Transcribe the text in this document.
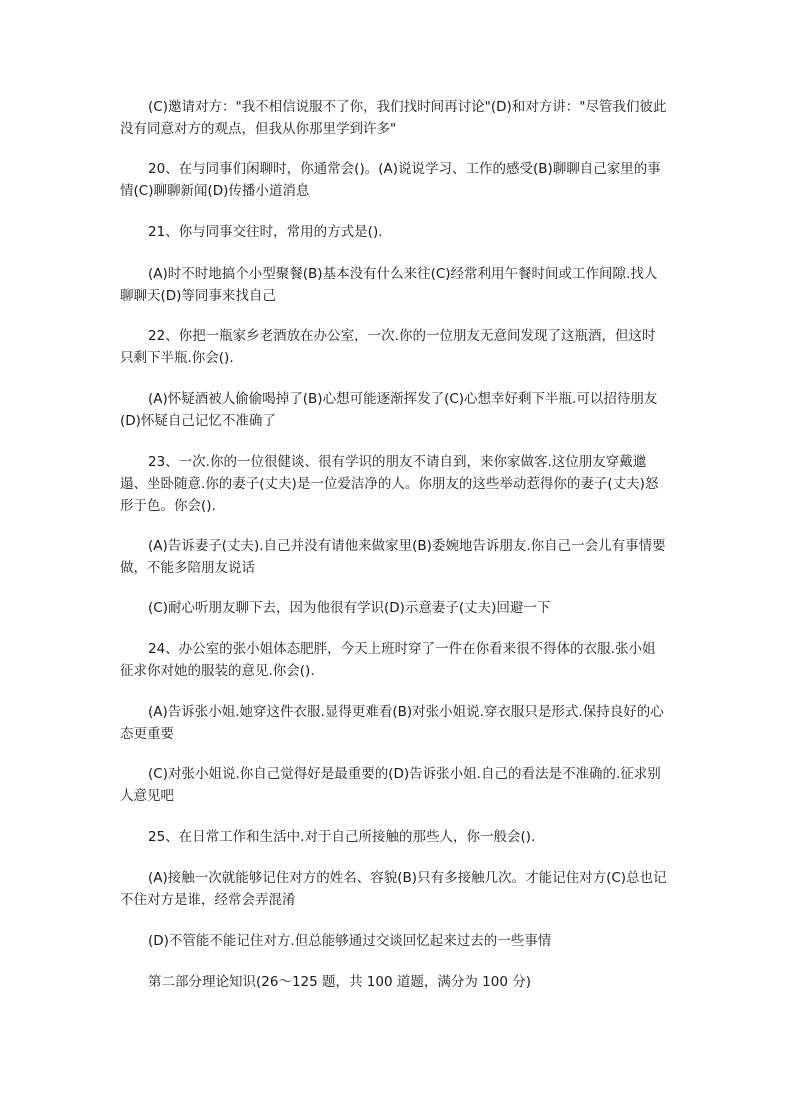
(C)邀请对方："我不相信说服不了你，我们找时间再讨论"(D)和对方讲："尽管我们彼此没有同意对方的观点，但我从你那里学到许多"

20、在与同事们闲聊时，你通常会()。(A)说说学习、工作的感受(B)聊聊自己家里的事情(C)聊聊新闻(D)传播小道消息

21、你与同事交往时，常用的方式是().

(A)时不时地搞个小型聚餐(B)基本没有什么来往(C)经常利用午餐时间或工作间隙.找人聊聊天(D)等同事来找自己

22、你把一瓶家乡老酒放在办公室，一次.你的一位朋友无意间发现了这瓶酒，但这时只剩下半瓶.你会().

(A)怀疑酒被人偷偷喝掉了(B)心想可能逐渐挥发了(C)心想幸好剩下半瓶.可以招待朋友(D)怀疑自己记忆不准确了

23、一次.你的一位很健谈、很有学识的朋友不请自到，来你家做客.这位朋友穿戴邋遢、坐卧随意.你的妻子(丈夫)是一位爱洁净的人。你朋友的这些举动惹得你的妻子(丈夫)怒形于色。你会().

(A)告诉妻子(丈夫).自己并没有请他来做家里(B)委婉地告诉朋友.你自己一会儿有事情要做，不能多陪朋友说话

(C)耐心听朋友聊下去，因为他很有学识(D)示意妻子(丈夫)回避一下

24、办公室的张小姐体态肥胖，今天上班时穿了一件在你看来很不得体的衣服.张小姐征求你对她的服装的意见.你会().

(A)告诉张小姐.她穿这件衣服.显得更难看(B)对张小姐说.穿衣服只是形式.保持良好的心态更重要

(C)对张小姐说.你自己觉得好是最重要的(D)告诉张小姐.自己的看法是不准确的.征求别人意见吧

25、在日常工作和生活中.对于自己所接触的那些人，你一般会().

(A)接触一次就能够记住对方的姓名、容貌(B)只有多接触几次。才能记住对方(C)总也记不住对方是谁，经常会弄混淆

(D)不管能不能记住对方.但总能够通过交谈回忆起来过去的一些事情

第二部分理论知识(26～125 题，共 100 道题，满分为 100 分)
